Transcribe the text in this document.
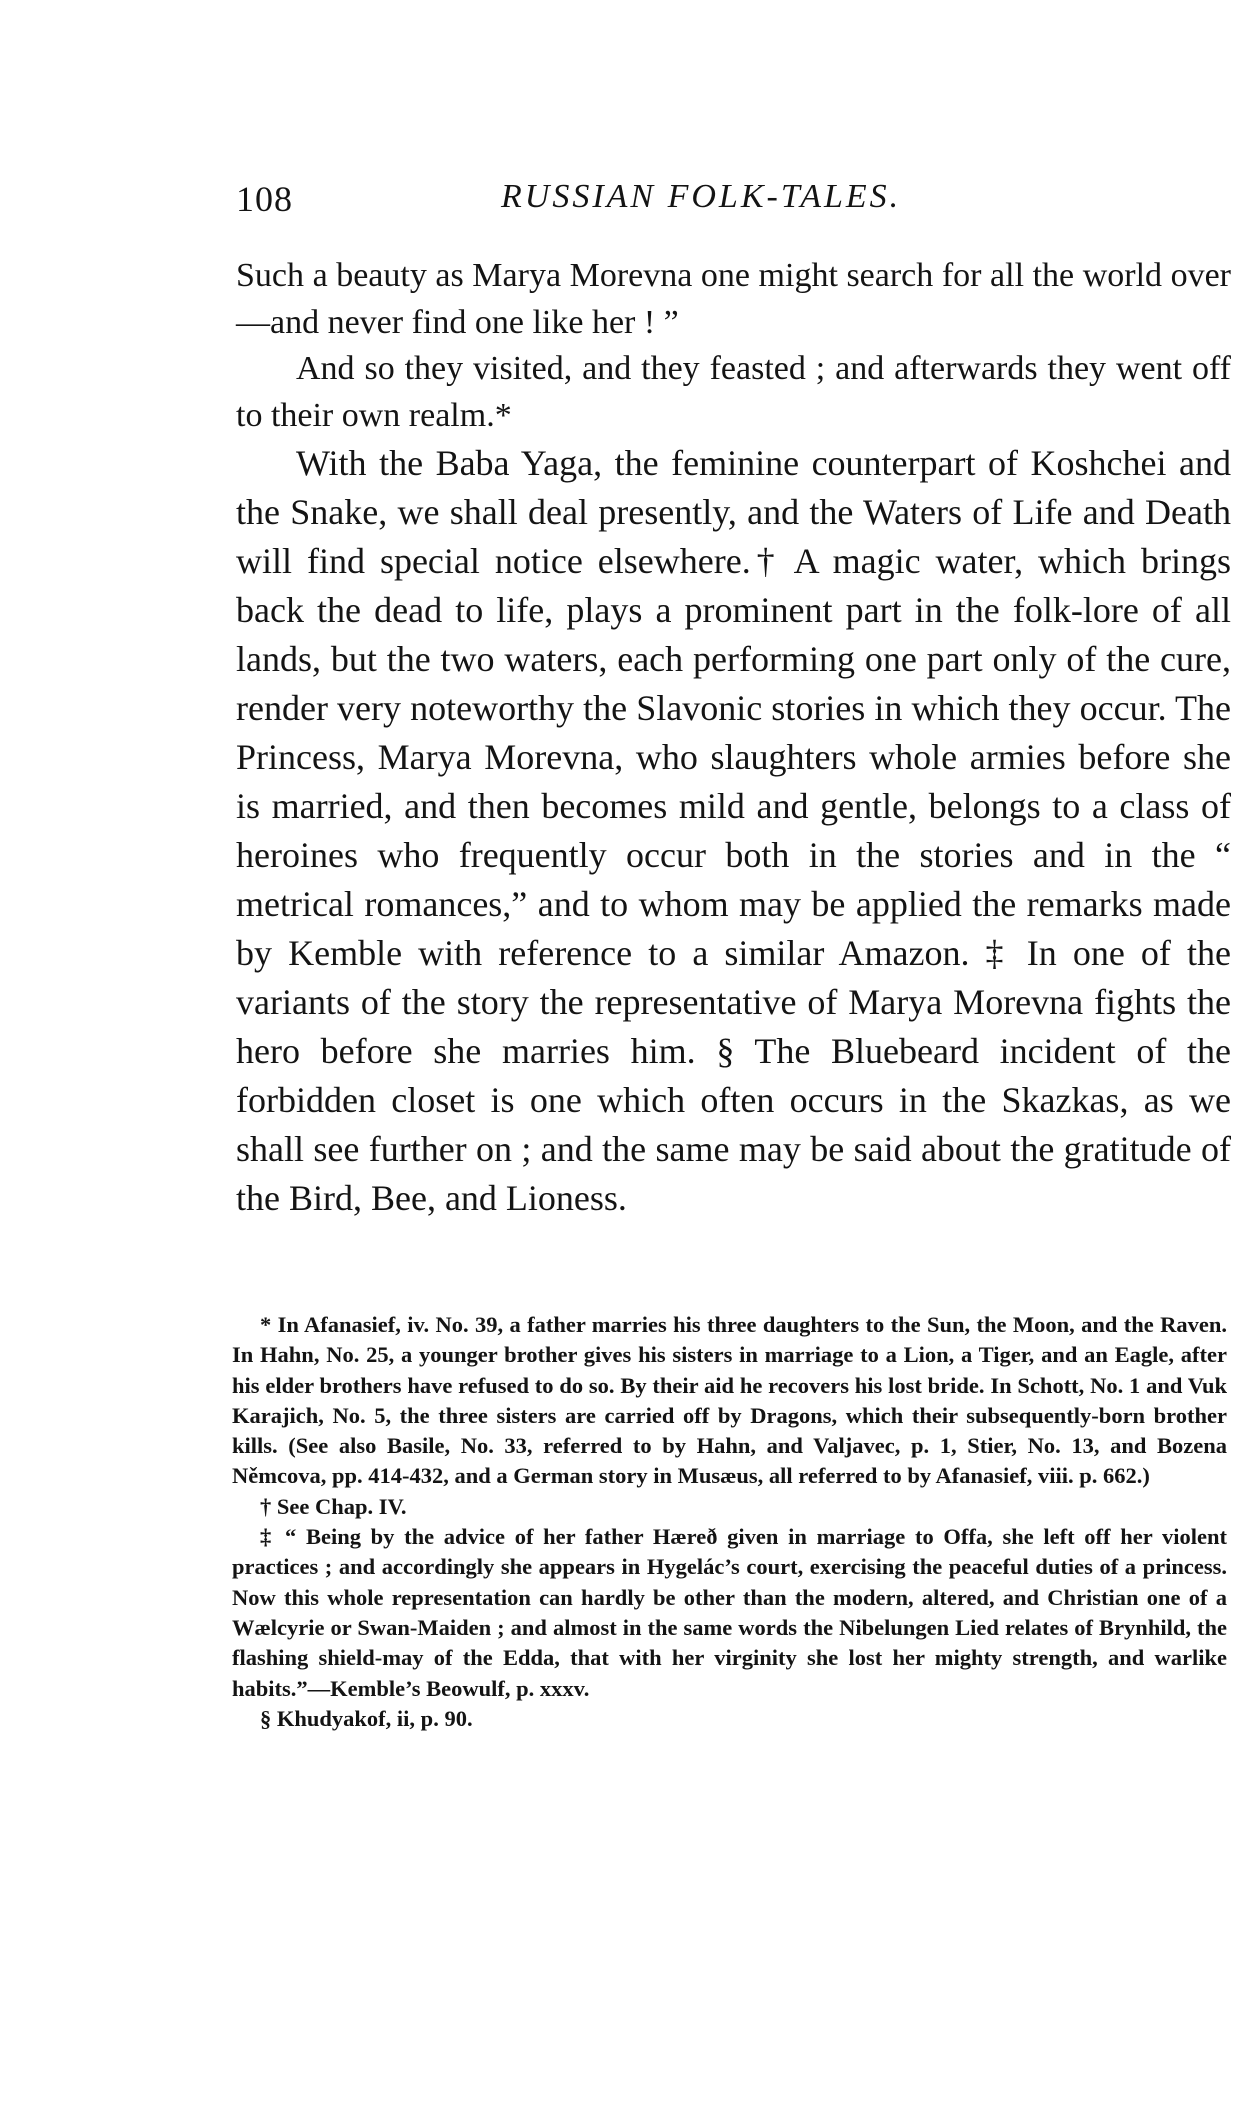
108	RUSSIAN FOLK-TALES.

Such a beauty as Marya Morevna one might search for all the world over—and never find one like her ! ”

And so they visited, and they feasted ; and afterwards they went off to their own realm.*

With the Baba Yaga, the feminine counterpart of Koshchei and the Snake, we shall deal presently, and the Waters of Life and Death will find special notice elsewhere.† A magic water, which brings back the dead to life, plays a prominent part in the folk-lore of all lands, but the two waters, each performing one part only of the cure, render very noteworthy the Slavonic stories in which they occur. The Princess, Marya Morevna, who slaughters whole armies before she is married, and then becomes mild and gentle, belongs to a class of heroines who frequently occur both in the stories and in the “ metrical romances,” and to whom may be applied the remarks made by Kemble with reference to a similar Amazon. ‡ In one of the variants of the story the representative of Marya Morevna fights the hero before she marries him. § The Bluebeard incident of the forbidden closet is one which often occurs in the Skazkas, as we shall see further on ; and the same may be said about the gratitude of the Bird, Bee, and Lioness.

* In Afanasief, iv. No. 39, a father marries his three daughters to the Sun, the Moon, and the Raven. In Hahn, No. 25, a younger brother gives his sisters in marriage to a Lion, a Tiger, and an Eagle, after his elder brothers have refused to do so. By their aid he recovers his lost bride. In Schott, No. 1 and Vuk Karajich, No. 5, the three sisters are carried off by Dragons, which their subsequently-born brother kills. (See also Basile, No. 33, referred to by Hahn, and Valjavec, p. 1, Stier, No. 13, and Bozena Němcova, pp. 414-432, and a German story in Musæus, all referred to by Afanasief, viii. p. 662.)

† See Chap. IV.

‡ “ Being by the advice of her father Hæreð given in marriage to Offa, she left off her violent practices ; and accordingly she appears in Hygelác’s court, exercising the peaceful duties of a princess. Now this whole representation can hardly be other than the modern, altered, and Christian one of a Wælcyrie or Swan-Maiden ; and almost in the same words the Nibelungen Lied relates of Brynhild, the flashing shield-may of the Edda, that with her virginity she lost her mighty strength, and warlike habits.”—Kemble’s Beowulf, p. xxxv.

§ Khudyakof, ii, p. 90.
